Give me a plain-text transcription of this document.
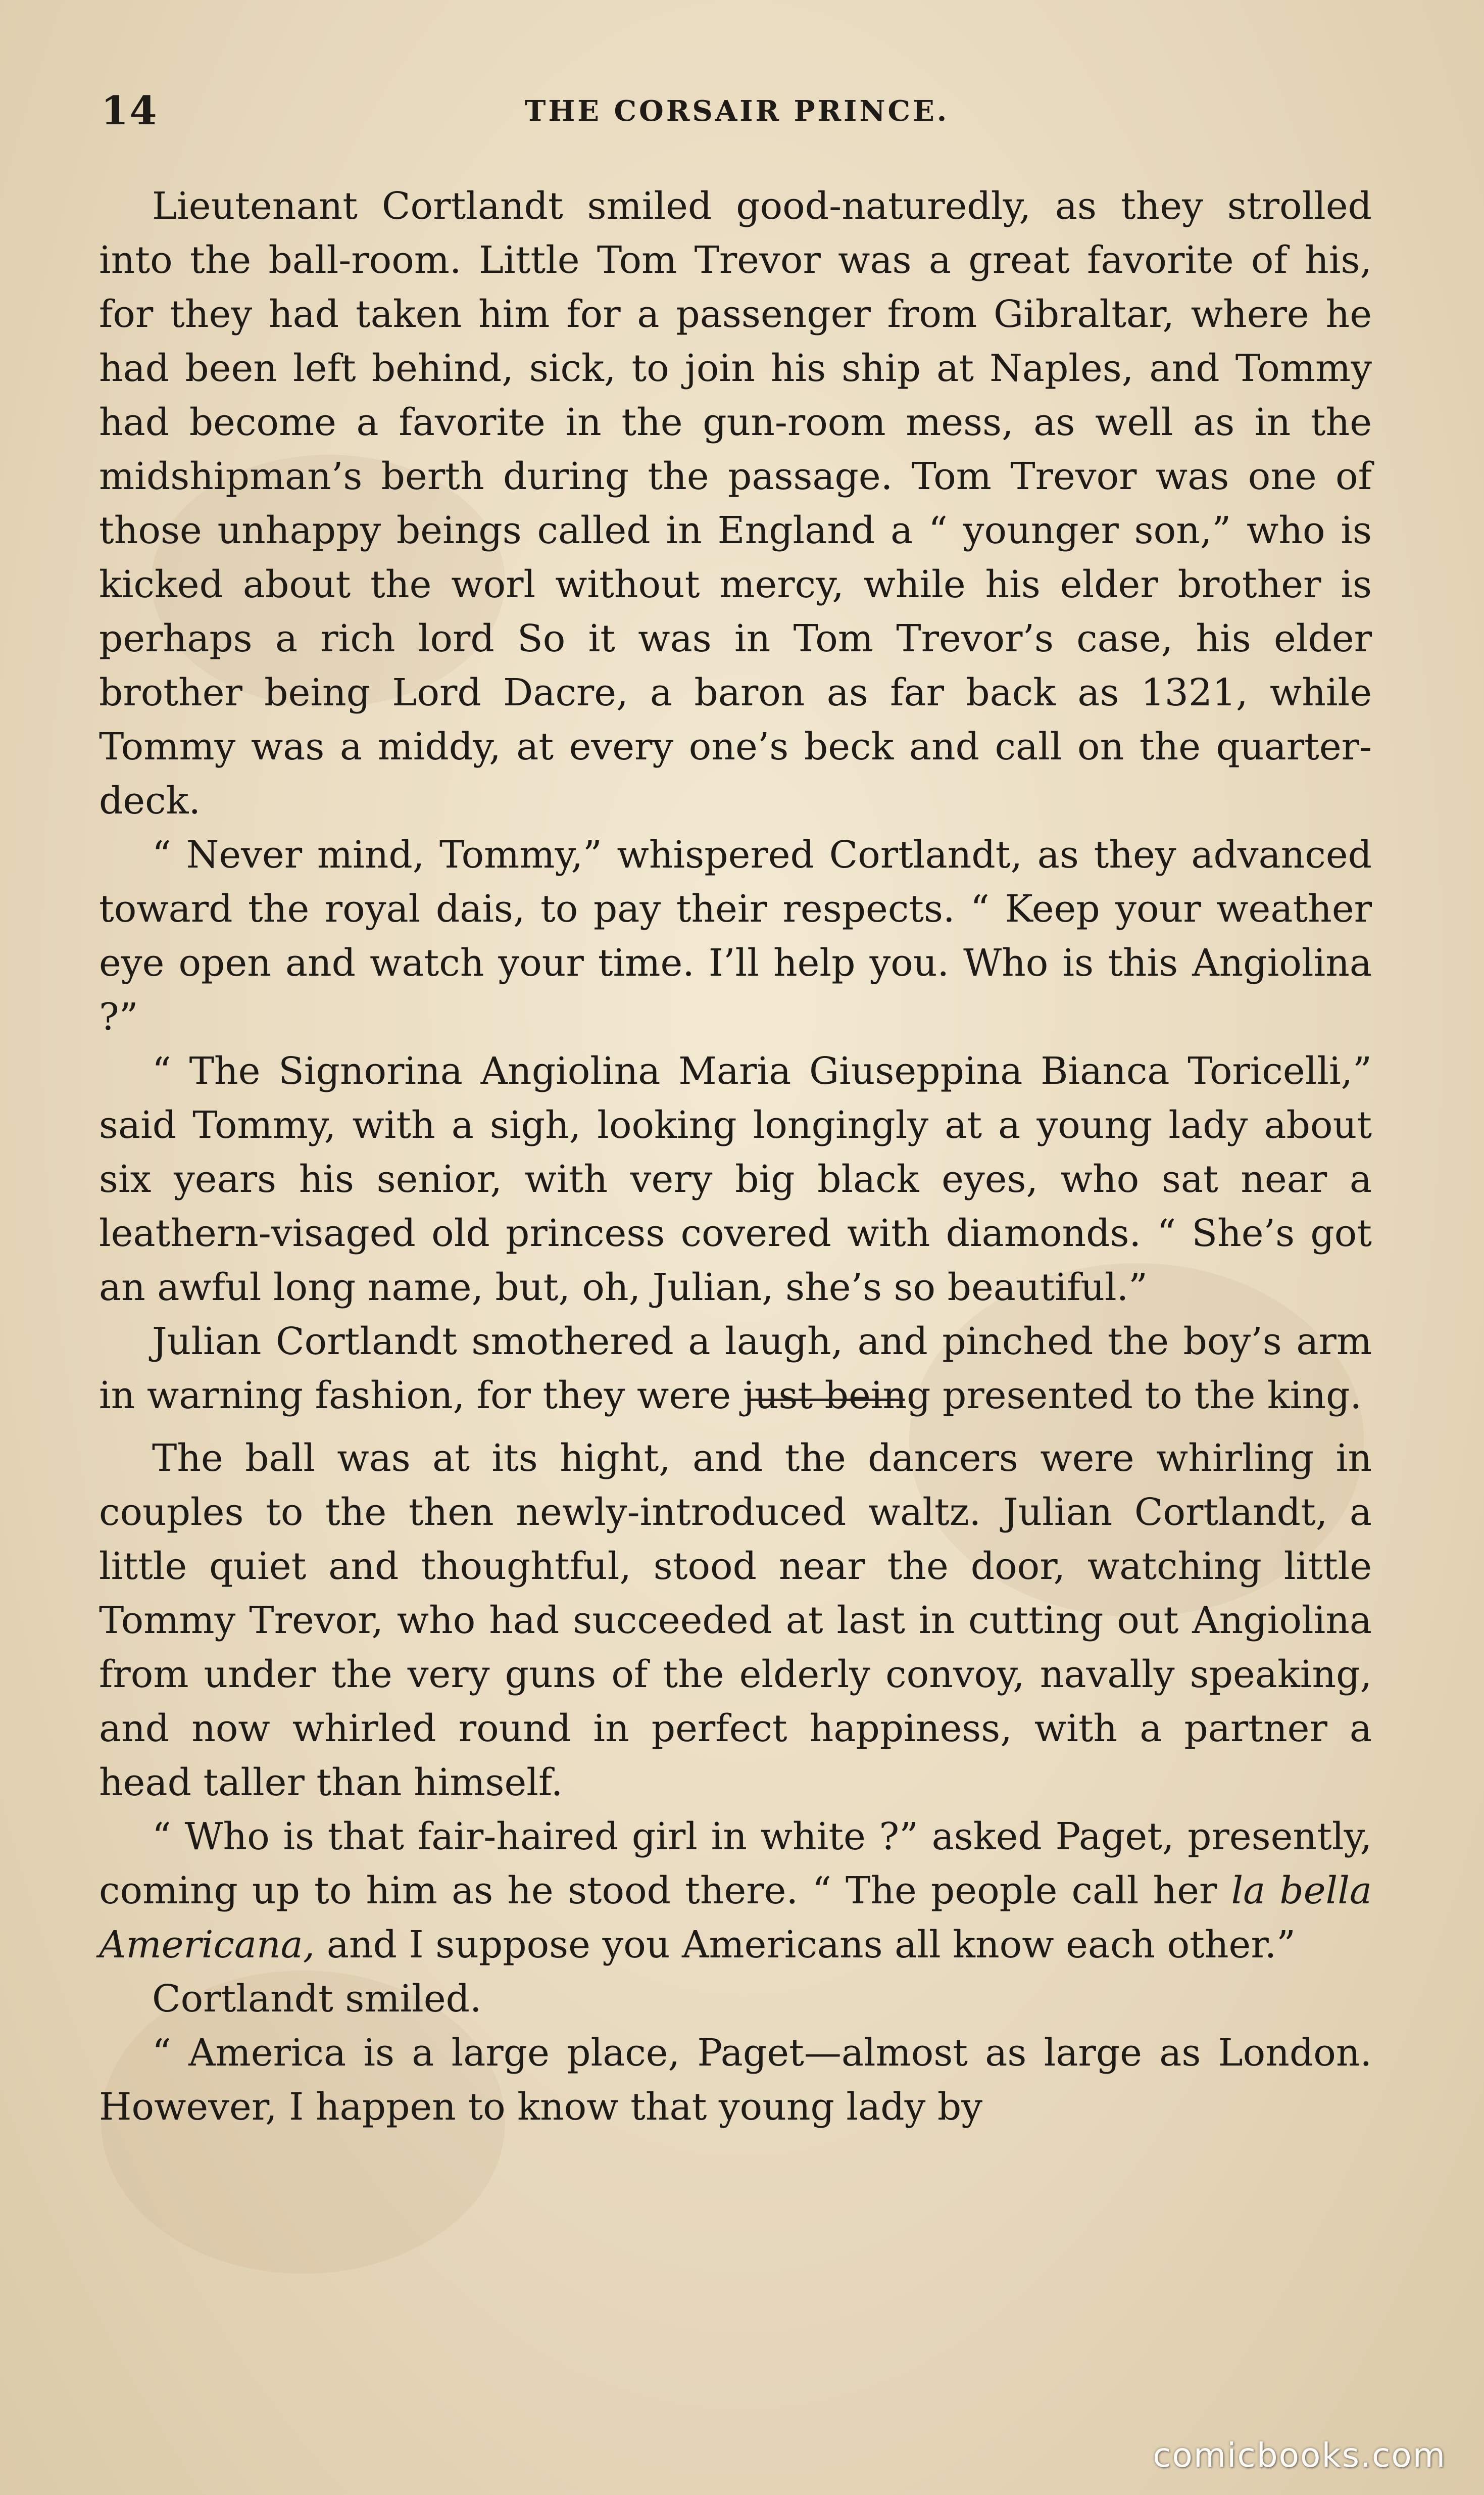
14	THE CORSAIR PRINCE.

Lieutenant Cortlandt smiled good-naturedly, as they strolled into the ball-room. Little Tom Trevor was a great favorite of his, for they had taken him for a passenger from Gibraltar, where he had been left behind, sick, to join his ship at Naples, and Tommy had become a favorite in the gun-room mess, as well as in the midshipman’s berth during the passage. Tom Trevor was one of those unhappy beings called in England a “ younger son,” who is kicked about the worl without mercy, while his elder brother is perhaps a rich lord So it was in Tom Trevor’s case, his elder brother being Lord Dacre, a baron as far back as 1321, while Tommy was a middy, at every one’s beck and call on the quarter-deck.

“ Never mind, Tommy,” whispered Cortlandt, as they advanced toward the royal dais, to pay their respects. “ Keep your weather eye open and watch your time. I’ll help you. Who is this Angiolina ?”

“ The Signorina Angiolina Maria Giuseppina Bianca Toricelli,” said Tommy, with a sigh, looking longingly at a young lady about six years his senior, with very big black eyes, who sat near a leathern-visaged old princess covered with diamonds. “ She’s got an awful long name, but, oh, Julian, she’s so beautiful.”

Julian Cortlandt smothered a laugh, and pinched the boy’s arm in warning fashion, for they were just being presented to the king.

The ball was at its hight, and the dancers were whirling in couples to the then newly-introduced waltz. Julian Cortlandt, a little quiet and thoughtful, stood near the door, watching little Tommy Trevor, who had succeeded at last in cutting out Angiolina from under the very guns of the elderly convoy, navally speaking, and now whirled round in perfect happiness, with a partner a head taller than himself.

“ Who is that fair-haired girl in white ?” asked Paget, presently, coming up to him as he stood there. “ The people call her la bella Americana, and I suppose you Americans all know each other.”

Cortlandt smiled.

“ America is a large place, Paget—almost as large as London. However, I happen to know that young lady by

comicbooks.com
